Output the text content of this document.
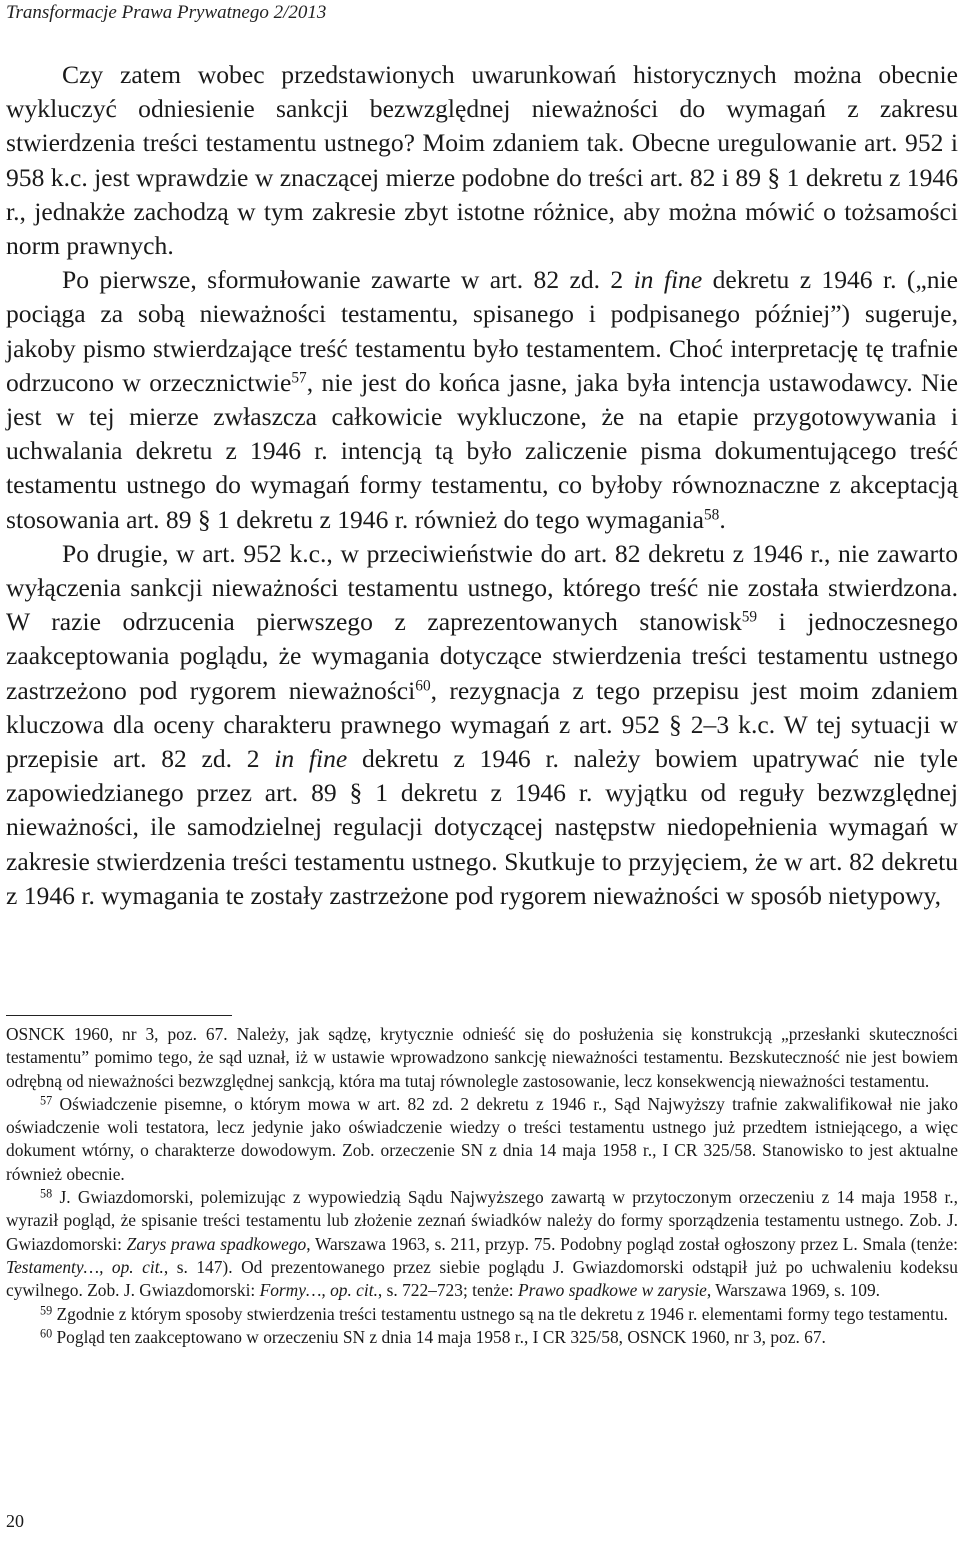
Transformacje Prawa Prywatnego 2/2013

Czy zatem wobec przedstawionych uwarunkowań historycznych można obecnie wykluczyć odniesienie sankcji bezwzględnej nieważności do wymagań z zakresu stwierdzenia treści testamentu ustnego? Moim zdaniem tak. Obecne uregulowanie art. 952 i 958 k.c. jest wprawdzie w znaczącej mierze podobne do treści art. 82 i 89 § 1 dekretu z 1946 r., jednakże zachodzą w tym zakresie zbyt istotne różnice, aby można mówić o tożsamości norm prawnych.

Po pierwsze, sformułowanie zawarte w art. 82 zd. 2 in fine dekretu z 1946 r. („nie pociąga za sobą nieważności testamentu, spisanego i podpisanego później”) sugeruje, jakoby pismo stwierdzające treść testamentu było testamentem. Choć interpretację tę trafnie odrzucono w orzecznictwie$^{57}$, nie jest do końca jasne, jaka była intencja ustawodawcy. Nie jest w tej mierze zwłaszcza całkowicie wykluczone, że na etapie przygotowywania i uchwalania dekretu z 1946 r. intencją tą było zaliczenie pisma dokumentującego treść testamentu ustnego do wymagań formy testamentu, co byłoby równoznaczne z akceptacją stosowania art. 89 § 1 dekretu z 1946 r. również do tego wymagania$^{58}$.

Po drugie, w art. 952 k.c., w przeciwieństwie do art. 82 dekretu z 1946 r., nie zawarto wyłączenia sankcji nieważności testamentu ustnego, którego treść nie została stwierdzona. W razie odrzucenia pierwszego z zaprezentowanych stanowisk$^{59}$ i jednoczesnego zaakceptowania poglądu, że wymagania dotyczące stwierdzenia treści testamentu ustnego zastrzeżono pod rygorem nieważności$^{60}$, rezygnacja z tego przepisu jest moim zdaniem kluczowa dla oceny charakteru prawnego wymagań z art. 952 § 2–3 k.c. W tej sytuacji w przepisie art. 82 zd. 2 in fine dekretu z 1946 r. należy bowiem upatrywać nie tyle zapowiedzianego przez art. 89 § 1 dekretu z 1946 r. wyjątku od reguły bezwzględnej nieważności, ile samodzielnej regulacji dotyczącej następstw niedopełnienia wymagań w zakresie stwierdzenia treści testamentu ustnego. Skutkuje to przyjęciem, że w art. 82 dekretu z 1946 r. wymagania te zostały zastrzeżone pod rygorem nieważności w sposób nietypowy,

OSNCK 1960, nr 3, poz. 67. Należy, jak sądzę, krytycznie odnieść się do posłużenia się konstrukcją „przesłanki skuteczności testamentu” pomimo tego, że sąd uznał, iż w ustawie wprowadzono sankcję nieważności testamentu. Bezskuteczność nie jest bowiem odrębną od nieważności bezwzględnej sankcją, która ma tutaj równolegle zastosowanie, lecz konsekwencją nieważności testamentu.

$^{57}$ Oświadczenie pisemne, o którym mowa w art. 82 zd. 2 dekretu z 1946 r., Sąd Najwyższy trafnie zakwalifikował nie jako oświadczenie woli testatora, lecz jedynie jako oświadczenie wiedzy o treści testamentu ustnego już przedtem istniejącego, a więc dokument wtórny, o charakterze dowodowym. Zob. orzeczenie SN z dnia 14 maja 1958 r., I CR 325/58. Stanowisko to jest aktualne również obecnie.

$^{58}$ J. Gwiazdomorski, polemizując z wypowiedzią Sądu Najwyższego zawartą w przytoczonym orzeczeniu z 14 maja 1958 r., wyraził pogląd, że spisanie treści testamentu lub złożenie zeznań świadków należy do formy sporządzenia testamentu ustnego. Zob. J. Gwiazdomorski: Zarys prawa spadkowego, Warszawa 1963, s. 211, przyp. 75. Podobny pogląd został ogłoszony przez L. Smala (tenże: Testamenty…, op. cit., s. 147). Od prezentowanego przez siebie poglądu J. Gwiazdomorski odstąpił już po uchwaleniu kodeksu cywilnego. Zob. J. Gwiazdomorski: Formy…, op. cit., s. 722–723; tenże: Prawo spadkowe w zarysie, Warszawa 1969, s. 109.

$^{59}$ Zgodnie z którym sposoby stwierdzenia treści testamentu ustnego są na tle dekretu z 1946 r. elementami formy tego testamentu.

$^{60}$ Pogląd ten zaakceptowano w orzeczeniu SN z dnia 14 maja 1958 r., I CR 325/58, OSNCK 1960, nr 3, poz. 67.

20
